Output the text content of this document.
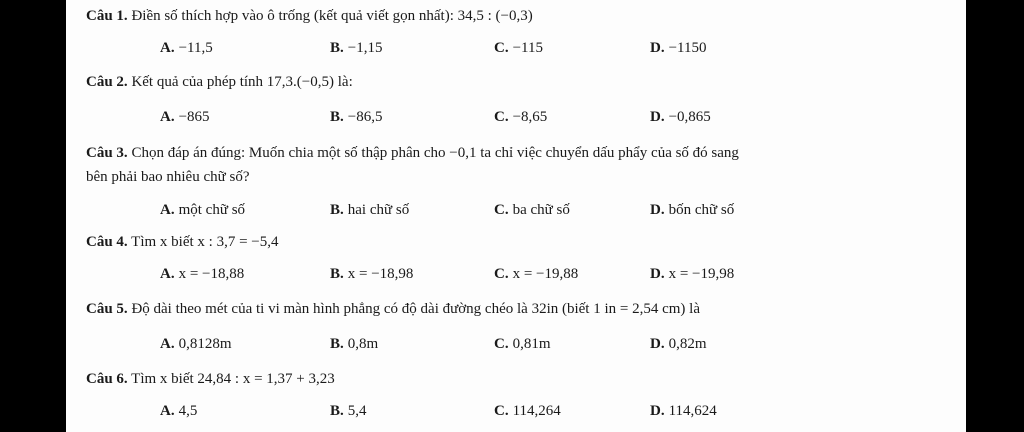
Câu 1. Điền số thích hợp vào ô trống (kết quả viết gọn nhất): 34,5 : (−0,3)
A. −11,5	B. −1,15	C. −115	D. −1150
Câu 2. Kết quả của phép tính 17,3.(−0,5) là:
A. −865	B. −86,5	C. −8,65	D. −0,865
Câu 3. Chọn đáp án đúng: Muốn chia một số thập phân cho −0,1 ta chỉ việc chuyển dấu phẩy của số đó sang
bên phải bao nhiêu chữ số?
A. một chữ số	B. hai chữ số	C. ba chữ số	D. bốn chữ số
Câu 4. Tìm x biết x : 3,7 = −5,4
A. x = −18,88	B. x = −18,98	C. x = −19,88	D. x = −19,98
Câu 5. Độ dài theo mét của ti vi màn hình phẳng có độ dài đường chéo là 32in (biết 1 in = 2,54 cm) là
A. 0,8128m	B. 0,8m	C. 0,81m	D. 0,82m
Câu 6. Tìm x biết 24,84 : x = 1,37 + 3,23
A. 4,5	B. 5,4	C. 114,264	D. 114,624
